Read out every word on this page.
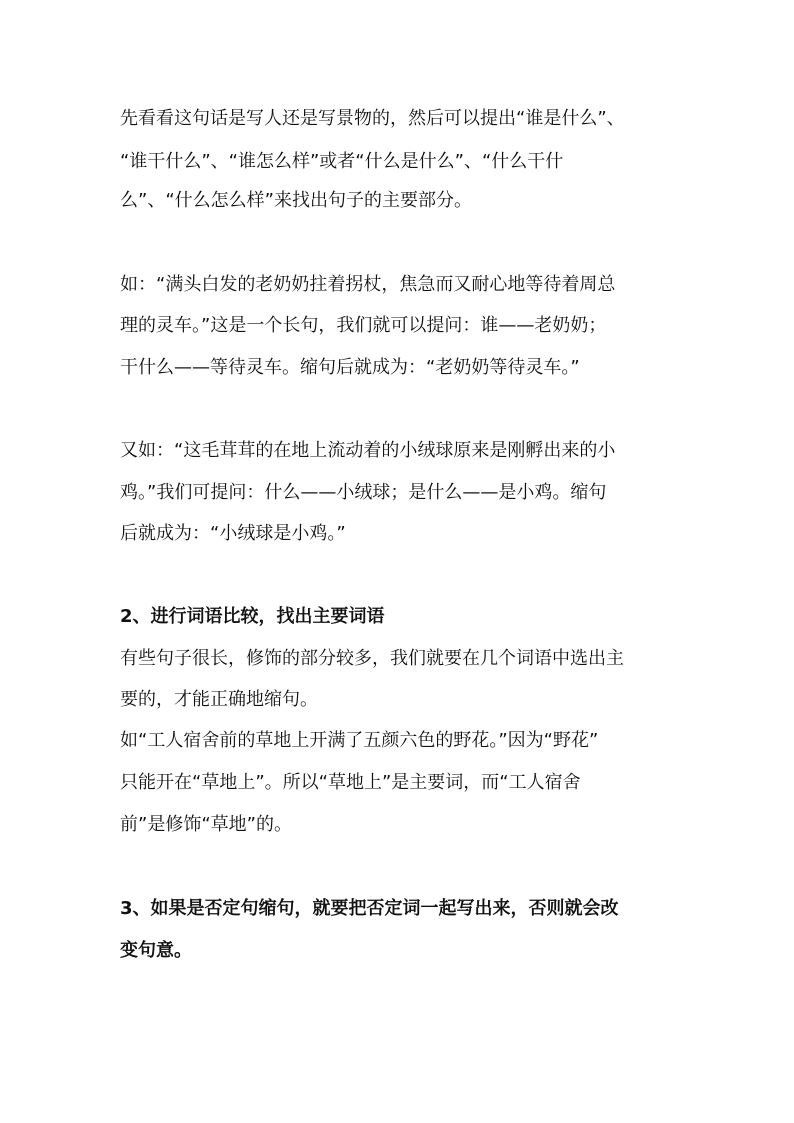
先看看这句话是写人还是写景物的，然后可以提出“谁是什么”、
“谁干什么”、“谁怎么样”或者“什么是什么”、“什么干什
么”、“什么怎么样”来找出句子的主要部分。
如：“满头白发的老奶奶拄着拐杖，焦急而又耐心地等待着周总
理的灵车。”这是一个长句，我们就可以提问：谁——老奶奶；
干什么——等待灵车。缩句后就成为：“老奶奶等待灵车。”
又如：“这毛茸茸的在地上流动着的小绒球原来是刚孵出来的小
鸡。”我们可提问：什么——小绒球；是什么——是小鸡。缩句
后就成为：“小绒球是小鸡。”
2、进行词语比较，找出主要词语
有些句子很长，修饰的部分较多，我们就要在几个词语中选出主
要的，才能正确地缩句。
如“工人宿舍前的草地上开满了五颜六色的野花。”因为“野花”
只能开在“草地上”。所以“草地上”是主要词，而“工人宿舍
前”是修饰“草地”的。
3、如果是否定句缩句，就要把否定词一起写出来，否则就会改
变句意。
